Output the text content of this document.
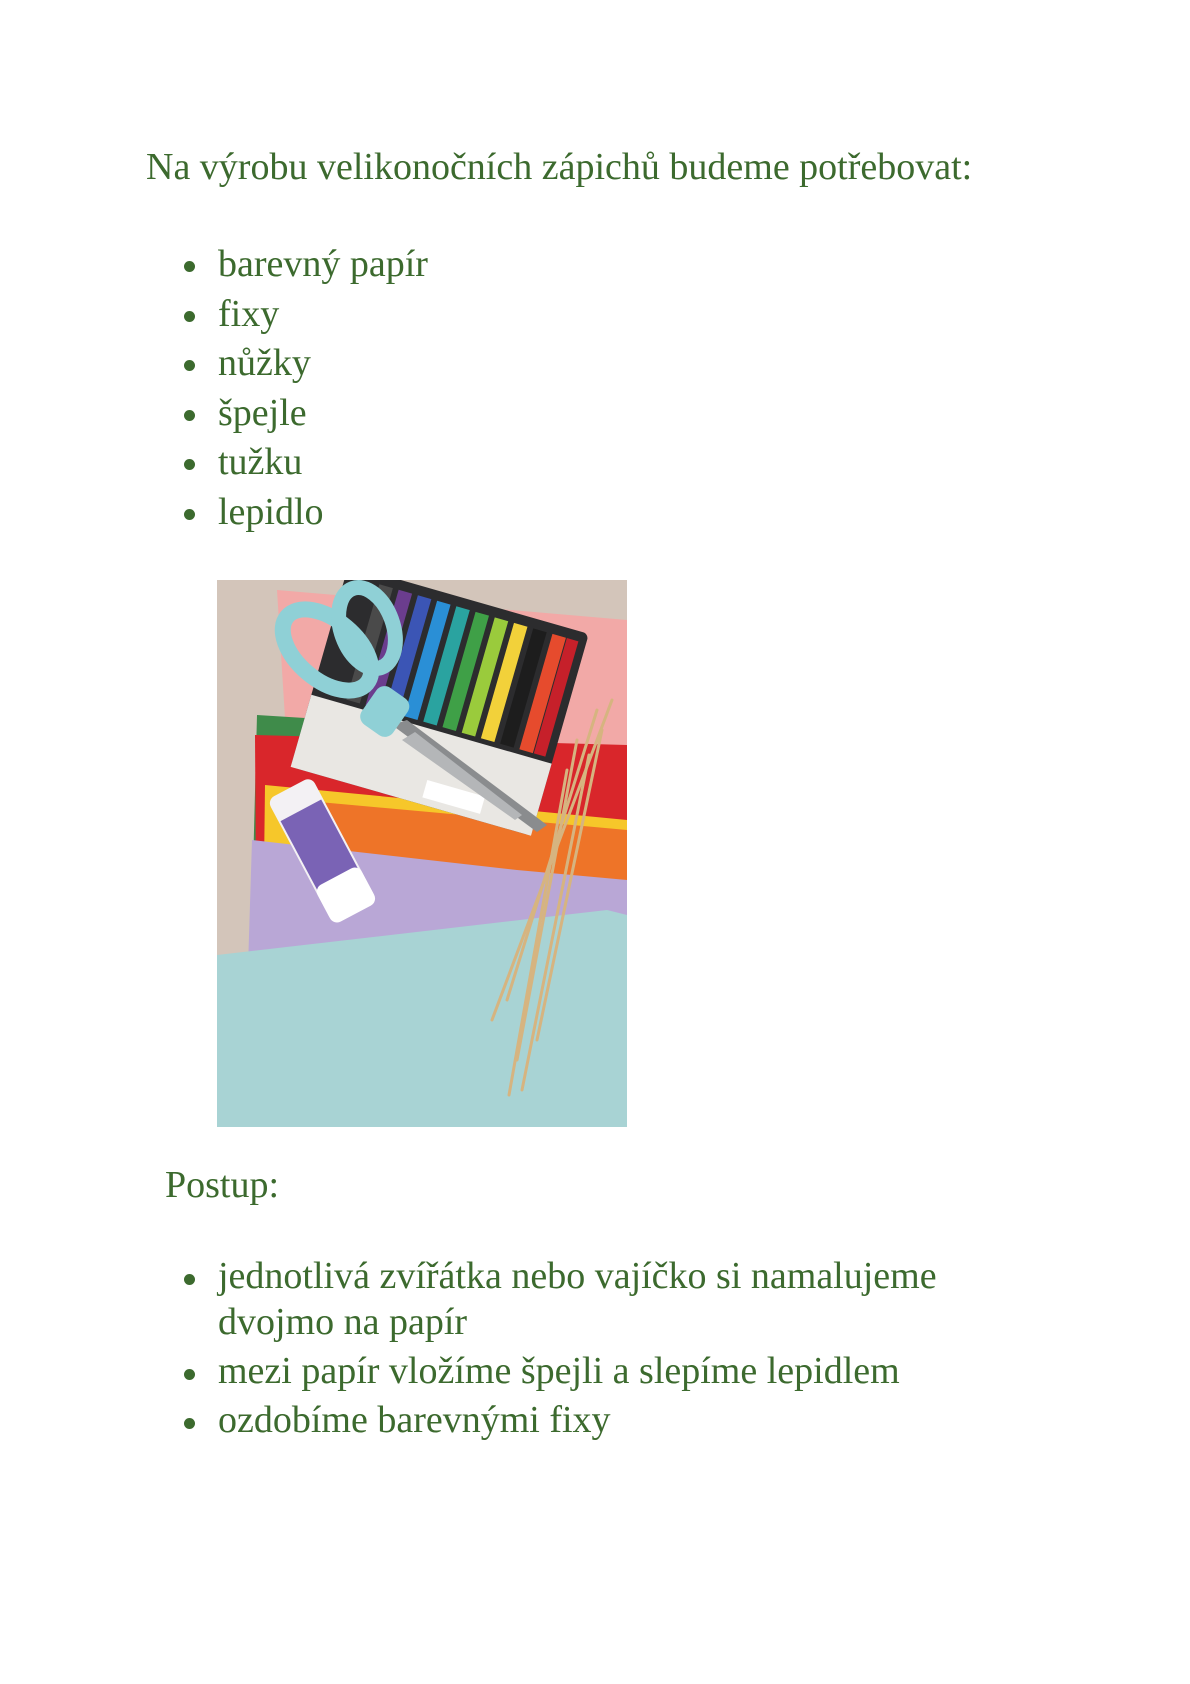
Na výrobu velikonočních zápichů budeme potřebovat:

barevný papír
fixy
nůžky
špejle
tužku
lepidlo

Postup:

jednotlivá zvířátka nebo vajíčko si namalujeme dvojmo na papír
mezi papír vložíme špejli a slepíme lepidlem
ozdobíme barevnými fixy
